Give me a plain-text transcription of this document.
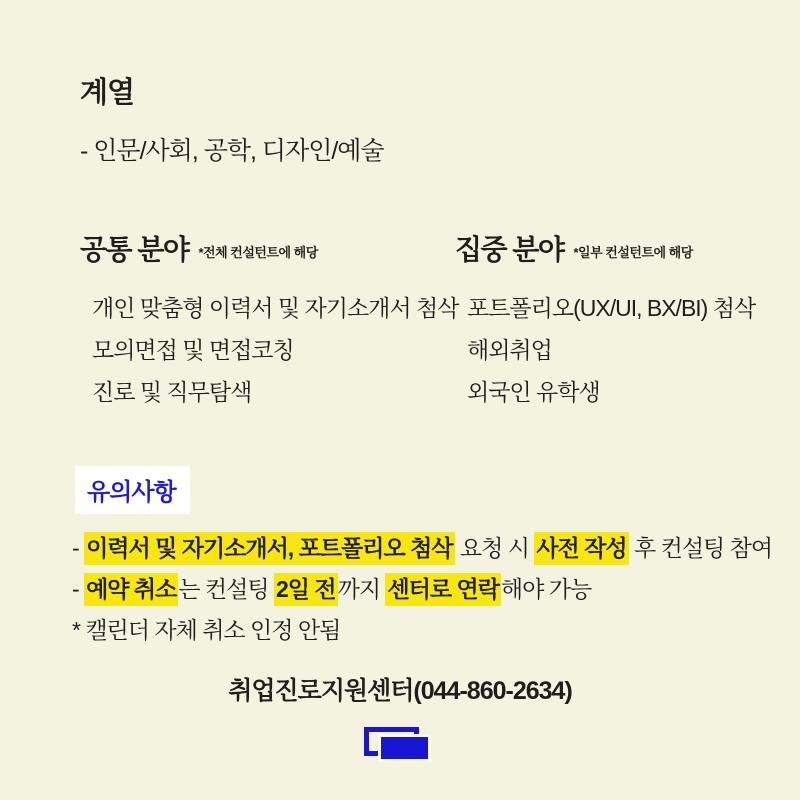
계열

- 인문/사회, 공학, 디자인/예술

공통 분야 *전체 컨설턴트에 해당
개인 맞춤형 이력서 및 자기소개서 첨삭
모의면접 및 면접코칭
진로 및 직무탐색
집중 분야 *일부 컨설턴트에 해당
포트폴리오(UX/UI, BX/BI) 첨삭
해외취업
외국인 유학생
유의사항

- 이력서 및 자기소개서, 포트폴리오 첨삭 요청 시 사전 작성 후 컨설팅 참여

- 예약 취소는 컨설팅 2일 전까지 센터로 연락해야 가능

* 캘린더 자체 취소 인정 안됨

취업진로지원센터(044-860-2634)
